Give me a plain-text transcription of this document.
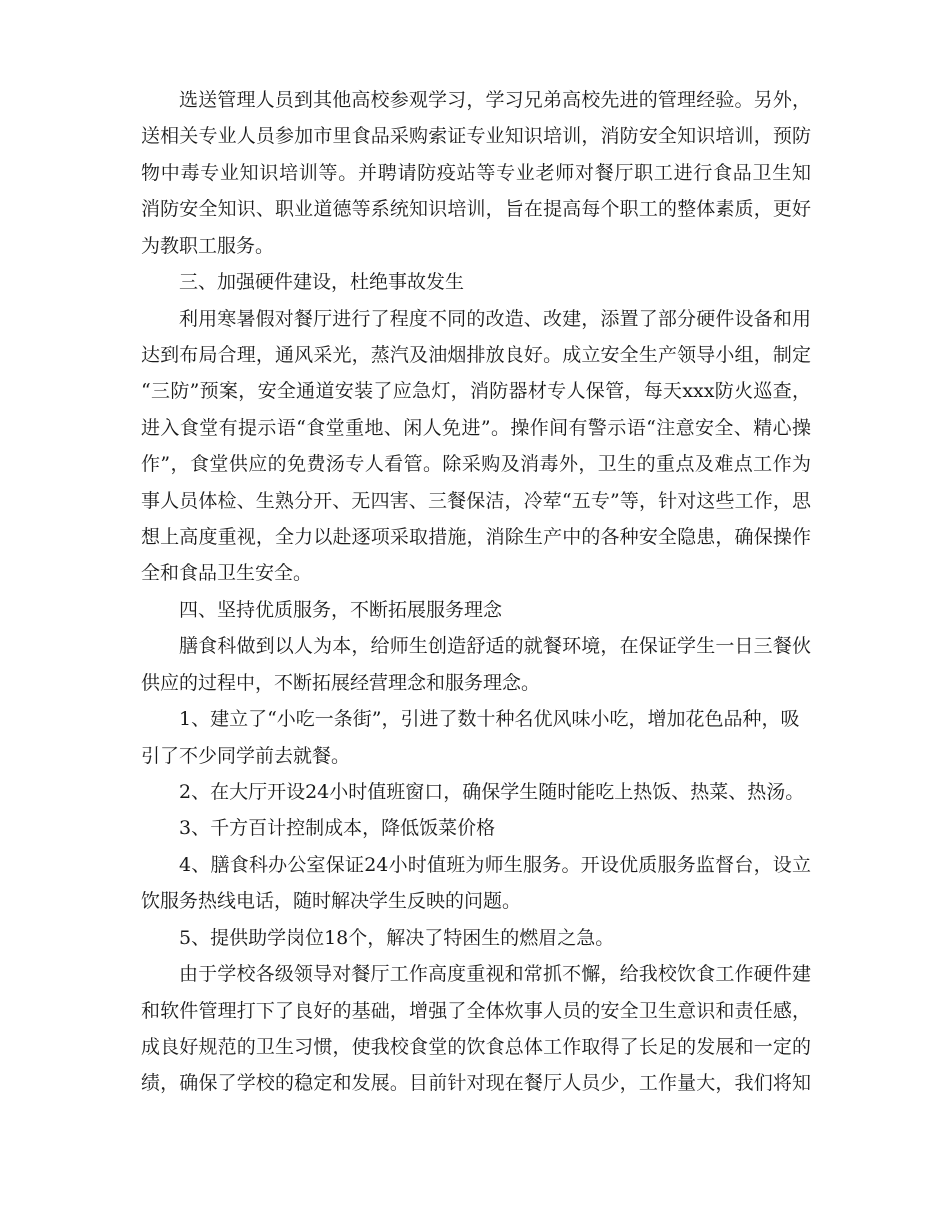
选送管理人员到其他高校参观学习，学习兄弟高校先进的管理经验。另外，
送相关专业人员参加市里食品采购索证专业知识培训，消防安全知识培训，预防
物中毒专业知识培训等。并聘请防疫站等专业老师对餐厅职工进行食品卫生知
消防安全知识、职业道德等系统知识培训，旨在提高每个职工的整体素质，更好
为教职工服务。
三、加强硬件建设，杜绝事故发生
利用寒暑假对餐厅进行了程度不同的改造、改建，添置了部分硬件设备和用
达到布局合理，通风采光，蒸汽及油烟排放良好。成立安全生产领导小组，制定
“三防”预案，安全通道安装了应急灯，消防器材专人保管，每天xxx防火巡查，
进入食堂有提示语“食堂重地、闲人免进”。操作间有警示语“注意安全、精心操
作”，食堂供应的免费汤专人看管。除采购及消毒外，卫生的重点及难点工作为
事人员体检、生熟分开、无四害、三餐保洁，冷荤“五专”等，针对这些工作，思
想上高度重视，全力以赴逐项采取措施，消除生产中的各种安全隐患，确保操作
全和食品卫生安全。
四、坚持优质服务，不断拓展服务理念
膳食科做到以人为本，给师生创造舒适的就餐环境，在保证学生一日三餐伙
供应的过程中，不断拓展经营理念和服务理念。
1、建立了“小吃一条街”，引进了数十种名优风味小吃，增加花色品种，吸
引了不少同学前去就餐。
2、在大厅开设24小时值班窗口，确保学生随时能吃上热饭、热菜、热汤。
3、千方百计控制成本，降低饭菜价格
4、膳食科办公室保证24小时值班为师生服务。开设优质服务监督台，设立
饮服务热线电话，随时解决学生反映的问题。
5、提供助学岗位18个，解决了特困生的燃眉之急。
由于学校各级领导对餐厅工作高度重视和常抓不懈，给我校饮食工作硬件建
和软件管理打下了良好的基础，增强了全体炊事人员的安全卫生意识和责任感，
成良好规范的卫生习惯，使我校食堂的饮食总体工作取得了长足的发展和一定的
绩，确保了学校的稳定和发展。目前针对现在餐厅人员少，工作量大，我们将知
